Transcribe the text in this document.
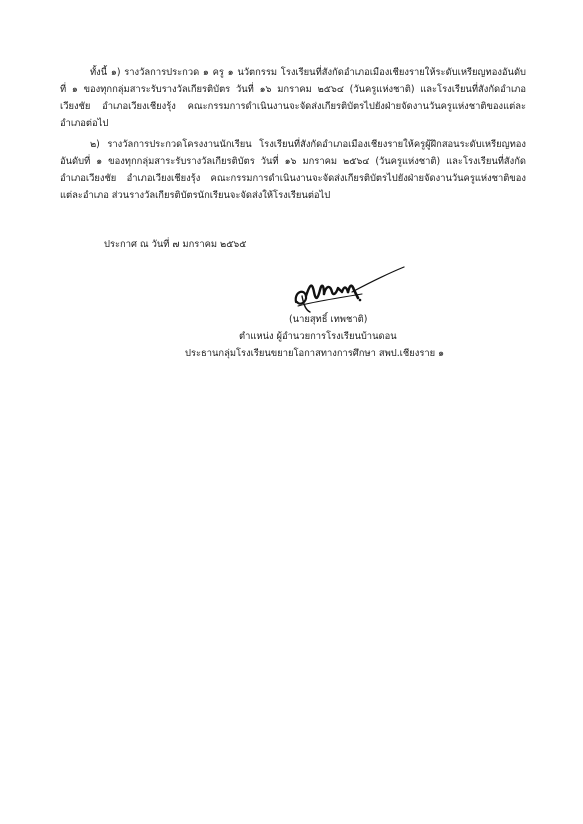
ทั้งนี้ ๑) รางวัลการประกวด ๑ ครู ๑ นวัตกรรม โรงเรียนที่สังกัดอำเภอเมืองเชียงรายให้ระดับเหรียญทองอันดับที่ ๑ ของทุกกลุ่มสาระรับรางวัลเกียรติบัตร วันที่ ๑๖ มกราคม ๒๕๖๔ (วันครูแห่งชาติ) และโรงเรียนที่สังกัดอำเภอเวียงชัย อำเภอเวียงเชียงรุ้ง คณะกรรมการดำเนินงานจะจัดส่งเกียรติบัตรไปยังฝ่ายจัดงานวันครูแห่งชาติของแต่ละอำเภอต่อไป

๒) รางวัลการประกวดโครงงานนักเรียน โรงเรียนที่สังกัดอำเภอเมืองเชียงรายให้ครูผู้ฝึกสอนระดับเหรียญทองอันดับที่ ๑ ของทุกกลุ่มสาระรับรางวัลเกียรติบัตร วันที่ ๑๖ มกราคม ๒๕๖๔ (วันครูแห่งชาติ) และโรงเรียนที่สังกัดอำเภอเวียงชัย อำเภอเวียงเชียงรุ้ง คณะกรรมการดำเนินงานจะจัดส่งเกียรติบัตรไปยังฝ่ายจัดงานวันครูแห่งชาติของแต่ละอำเภอ ส่วนรางวัลเกียรติบัตรนักเรียนจะจัดส่งให้โรงเรียนต่อไป

ประกาศ ณ วันที่ ๗ มกราคม ๒๕๖๕
(นายสุทธิ์ เทพชาติ)
ตำแหน่ง ผู้อำนวยการโรงเรียนบ้านดอน
ประธานกลุ่มโรงเรียนขยายโอกาสทางการศึกษา สพป.เชียงราย ๑
